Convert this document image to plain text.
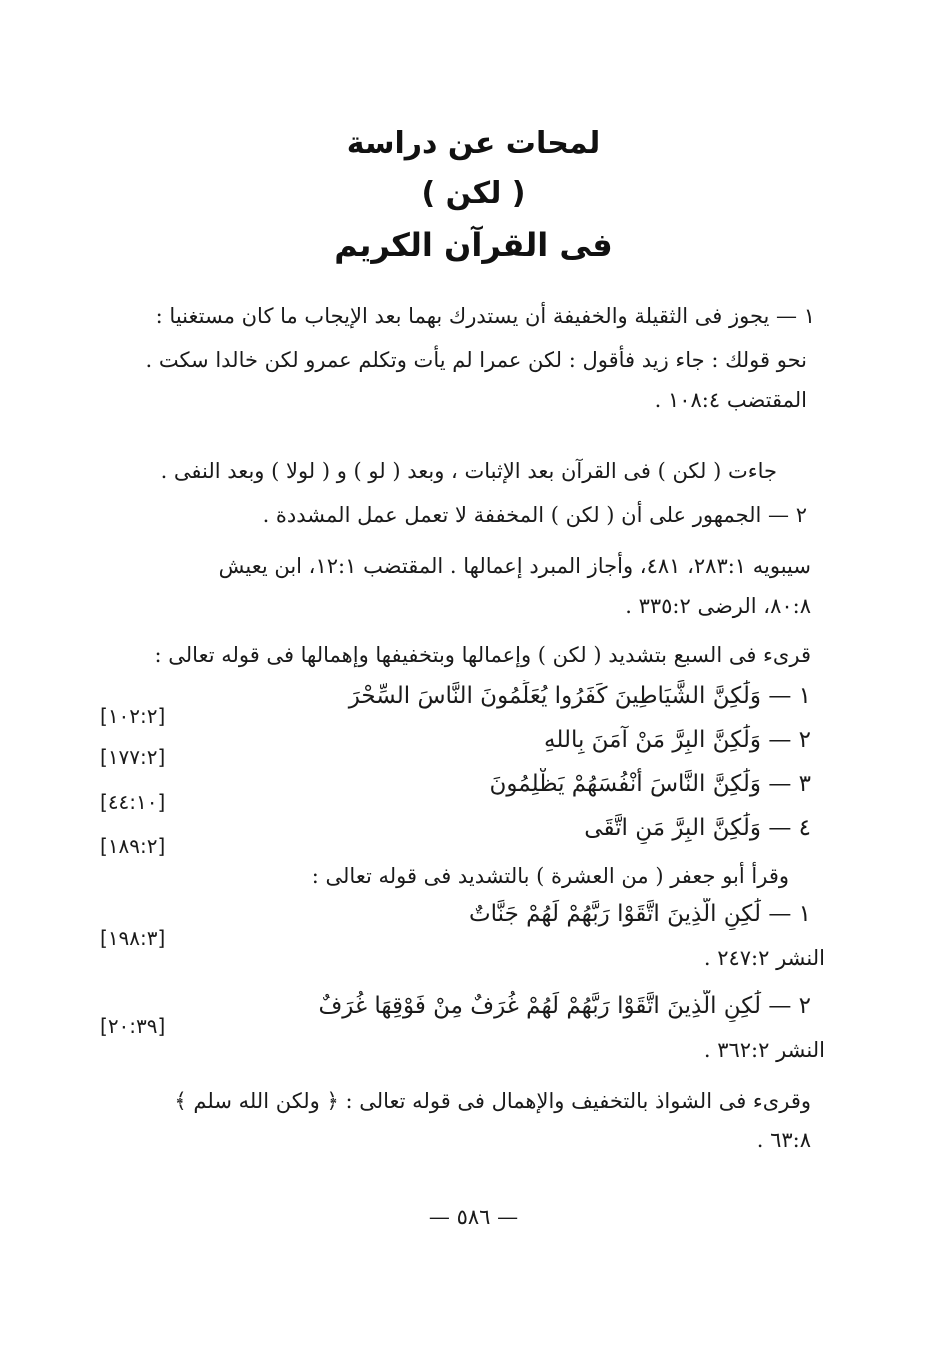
لمحات عن دراسة
( لكن )
فى القرآن الكريم
١ — يجوز فى الثقيلة والخفيفة أن يستدرك بهما بعد الإيجاب ما كان مستغنيا :
نحو قولك : جاء زيد فأقول : لكن عمرا لم يأت وتكلم عمرو لكن خالدا سكت .
المقتضب ١٠٨:٤ .
جاءت ( لكن ) فى القرآن بعد الإثبات ، وبعد ( لو ) و ( لولا ) وبعد النفى .
٢ — الجمهور على أن ( لكن ) المخففة لا تعمل عمل المشددة .
سيبويه ٢٨٣:١، ٤٨١، وأجاز المبرد إعمالها . المقتضب ١٢:١، ابن يعيش
٨٠:٨، الرضى ٣٣٥:٢ .
قرىء فى السبع بتشديد ( لكن ) وإعمالها وبتخفيفها وإهمالها فى قوله تعالى :
١ — وَلَٰكِنَّ الشَّيَاطِينَ كَفَرُوا يُعَلِّمُونَ النَّاسَ السِّحْرَ
[١٠٢:٢]
٢ — وَلَٰكِنَّ البِرَّ مَنْ آمَنَ بِاللهِ
[١٧٧:٢]
٣ — وَلَٰكِنَّ النَّاسَ أَنْفُسَهُمْ يَظْلِمُونَ
[٤٤:١٠]
٤ — وَلَٰكِنَّ البِرَّ مَنِ اتَّقَى
[١٨٩:٢]
وقرأ أبو جعفر ( من العشرة ) بالتشديد فى قوله تعالى :
١ — لَٰكِنِ الَّذِينَ اتَّقَوْا رَبَّهُمْ لَهُمْ جَنَّاتٌ
[١٩٨:٣]
النشر ٢٤٧:٢ .
٢ — لَٰكِنِ الَّذِينَ اتَّقَوْا رَبَّهُمْ لَهُمْ غُرَفٌ مِنْ فَوْقِهَا غُرَفٌ
[٢٠:٣٩]
النشر ٣٦٢:٢ .
وقرىء فى الشواذ بالتخفيف والإهمال فى قوله تعالى : ﴿ ولكن الله سلم ﴾
٦٣:٨ .
— ٥٨٦ —
